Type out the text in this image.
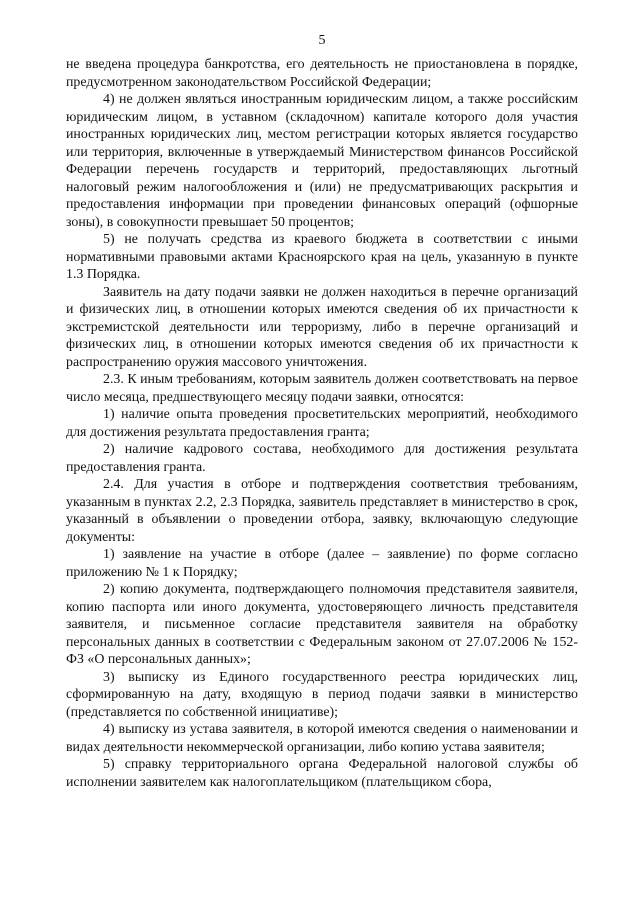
5

не введена процедура банкротства, его деятельность не приостановлена в порядке, предусмотренном законодательством Российской Федерации;

4) не должен являться иностранным юридическим лицом, а также российским юридическим лицом, в уставном (складочном) капитале которого доля участия иностранных юридических лиц, местом регистрации которых является государство или территория, включенные в утверждаемый Министерством финансов Российской Федерации перечень государств и территорий, предоставляющих льготный налоговый режим налогообложения и (или) не предусматривающих раскрытия и предоставления информации при проведении финансовых операций (офшорные зоны), в совокупности превышает 50 процентов;

5) не получать средства из краевого бюджета в соответствии с иными нормативными правовыми актами Красноярского края на цель, указанную в пункте 1.3 Порядка.

Заявитель на дату подачи заявки не должен находиться в перечне организаций и физических лиц, в отношении которых имеются сведения об их причастности к экстремистской деятельности или терроризму, либо в перечне организаций и физических лиц, в отношении которых имеются сведения об их причастности к распространению оружия массового уничтожения.

2.3. К иным требованиям, которым заявитель должен соответствовать на первое число месяца, предшествующего месяцу подачи заявки, относятся:

1) наличие опыта проведения просветительских мероприятий, необходимого для достижения результата предоставления гранта;

2) наличие кадрового состава, необходимого для достижения результата предоставления гранта.

2.4. Для участия в отборе и подтверждения соответствия требованиям, указанным в пунктах 2.2, 2.3 Порядка, заявитель представляет в министерство в срок, указанный в объявлении о проведении отбора, заявку, включающую следующие документы:

1) заявление на участие в отборе (далее – заявление) по форме согласно приложению № 1 к Порядку;

2) копию документа, подтверждающего полномочия представителя заявителя, копию паспорта или иного документа, удостоверяющего личность представителя заявителя, и письменное согласие представителя заявителя на обработку персональных данных в соответствии с Федеральным законом от 27.07.2006 № 152-ФЗ «О персональных данных»;

3) выписку из Единого государственного реестра юридических лиц, сформированную на дату, входящую в период подачи заявки в министерство (представляется по собственной инициативе);

4) выписку из устава заявителя, в которой имеются сведения о наименовании и видах деятельности некоммерческой организации, либо копию устава заявителя;

5) справку территориального органа Федеральной налоговой службы об исполнении заявителем как налогоплательщиком (плательщиком сбора,
